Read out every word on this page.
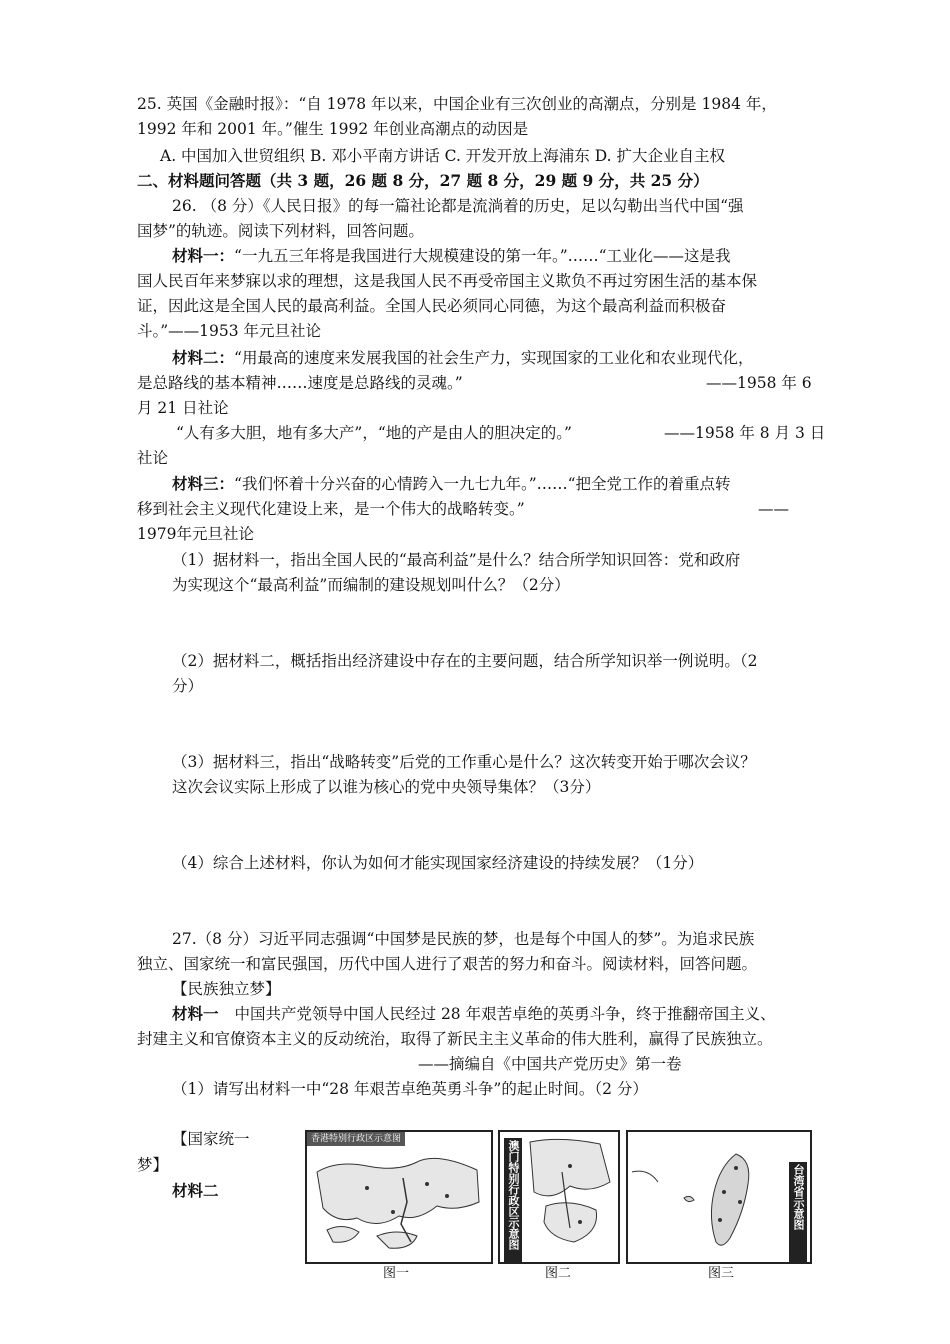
25. 英国《金融时报》：“自 1978 年以来，中国企业有三次创业的高潮点，分别是 1984 年，
1992 年和 2001 年。”催生 1992 年创业高潮点的动因是
A. 中国加入世贸组织 B. 邓小平南方讲话 C. 开发开放上海浦东 D. 扩大企业自主权
二、材料题问答题（共 3 题，26 题 8 分，27 题 8 分，29 题 9 分，共 25 分）
26. （8 分）《人民日报》的每一篇社论都是流淌着的历史，足以勾勒出当代中国“强
国梦”的轨迹。阅读下列材料，回答问题。
材料一：“一九五三年将是我国进行大规模建设的第一年。”……“工业化——这是我
国人民百年来梦寐以求的理想，这是我国人民不再受帝国主义欺负不再过穷困生活的基本保
证，因此这是全国人民的最高利益。全国人民必须同心同德，为这个最高利益而积极奋
斗。”——1953 年元旦社论
材料二：“用最高的速度来发展我国的社会生产力，实现国家的工业化和农业现代化，
是总路线的基本精神……速度是总路线的灵魂。”	——1958 年 6
月 21 日社论
“人有多大胆，地有多大产”，“地的产是由人的胆决定的。”	——1958 年 8 月 3 日
社论
材料三：“我们怀着十分兴奋的心情跨入一九七九年。”……“把全党工作的着重点转
移到社会主义现代化建设上来，是一个伟大的战略转变。”	——
1979年元旦社论
（1）据材料一，指出全国人民的“最高利益”是什么？结合所学知识回答：党和政府
为实现这个“最高利益”而编制的建设规划叫什么？（2分）
（2）据材料二，概括指出经济建设中存在的主要问题，结合所学知识举一例说明。（2
分）
（3）据材料三，指出“战略转变”后党的工作重心是什么？这次转变开始于哪次会议？
这次会议实际上形成了以谁为核心的党中央领导集体？（3分）
（4）综合上述材料，你认为如何才能实现国家经济建设的持续发展？（1分）
27.（8 分）习近平同志强调“中国梦是民族的梦，也是每个中国人的梦”。为追求民族
独立、国家统一和富民强国，历代中国人进行了艰苦的努力和奋斗。阅读材料，回答问题。
【民族独立梦】
材料一 中国共产党领导中国人民经过 28 年艰苦卓绝的英勇斗争，终于推翻帝国主义、
封建主义和官僚资本主义的反动统治，取得了新民主主义革命的伟大胜利，赢得了民族独立。
——摘编自《中国共产党历史》第一卷
（1）请写出材料一中“28 年艰苦卓绝英勇斗争”的起止时间。（2 分）
【国家统一
梦】
材料二
香港特别行政区示意图
图一
澳门特别行政区示意图
图二
台湾省示意图
图三
